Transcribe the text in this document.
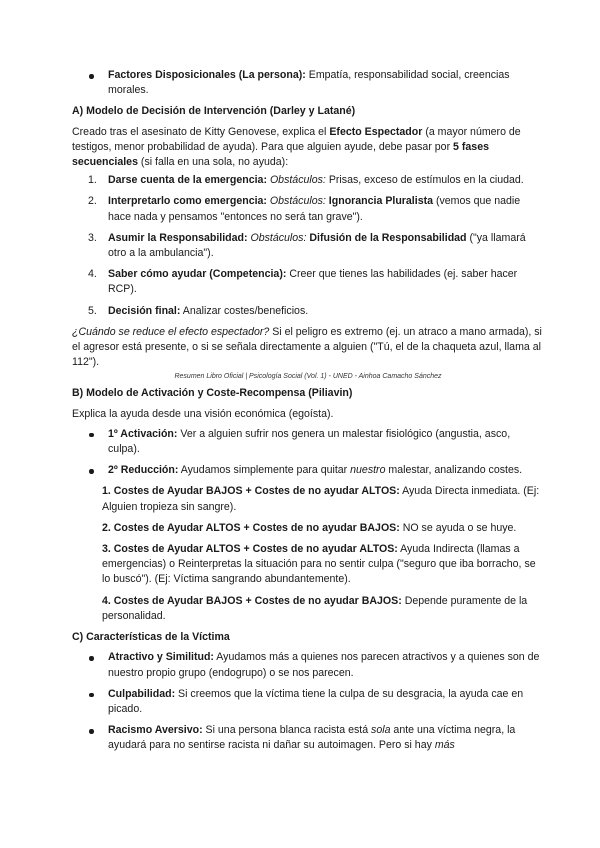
Factores Disposicionales (La persona): Empatía, responsabilidad social, creencias morales.

A) Modelo de Decisión de Intervención (Darley y Latané)

Creado tras el asesinato de Kitty Genovese, explica el Efecto Espectador (a mayor número de testigos, menor probabilidad de ayuda). Para que alguien ayude, debe pasar por 5 fases secuenciales (si falla en una sola, no ayuda):

1. Darse cuenta de la emergencia: Obstáculos: Prisas, exceso de estímulos en la ciudad.

2. Interpretarlo como emergencia: Obstáculos: Ignorancia Pluralista (vemos que nadie hace nada y pensamos "entonces no será tan grave").

3. Asumir la Responsabilidad: Obstáculos: Difusión de la Responsabilidad ("ya llamará otro a la ambulancia").

4. Saber cómo ayudar (Competencia): Creer que tienes las habilidades (ej. saber hacer RCP).

5. Decisión final: Analizar costes/beneficios.

¿Cuándo se reduce el efecto espectador? Si el peligro es extremo (ej. un atraco a mano armada), si el agresor está presente, o si se señala directamente a alguien ("Tú, el de la chaqueta azul, llama al 112").

Resumen Libro Oficial | Psicología Social (Vol. 1) - UNED - Ainhoa Camacho Sánchez

B) Modelo de Activación y Coste-Recompensa (Piliavin)

Explica la ayuda desde una visión económica (egoísta).

1º Activación: Ver a alguien sufrir nos genera un malestar fisiológico (angustia, asco, culpa).

2º Reducción: Ayudamos simplemente para quitar nuestro malestar, analizando costes.

1. Costes de Ayudar BAJOS + Costes de no ayudar ALTOS: Ayuda Directa inmediata. (Ej: Alguien tropieza sin sangre).

2. Costes de Ayudar ALTOS + Costes de no ayudar BAJOS: NO se ayuda o se huye.

3. Costes de Ayudar ALTOS + Costes de no ayudar ALTOS: Ayuda Indirecta (llamas a emergencias) o Reinterpretas la situación para no sentir culpa ("seguro que iba borracho, se lo buscó"). (Ej: Víctima sangrando abundantemente).

4. Costes de Ayudar BAJOS + Costes de no ayudar BAJOS: Depende puramente de la personalidad.

C) Características de la Víctima

Atractivo y Similitud: Ayudamos más a quienes nos parecen atractivos y a quienes son de nuestro propio grupo (endogrupo) o se nos parecen.

Culpabilidad: Si creemos que la víctima tiene la culpa de su desgracia, la ayuda cae en picado.

Racismo Aversivo: Si una persona blanca racista está sola ante una víctima negra, la ayudará para no sentirse racista ni dañar su autoimagen. Pero si hay más
